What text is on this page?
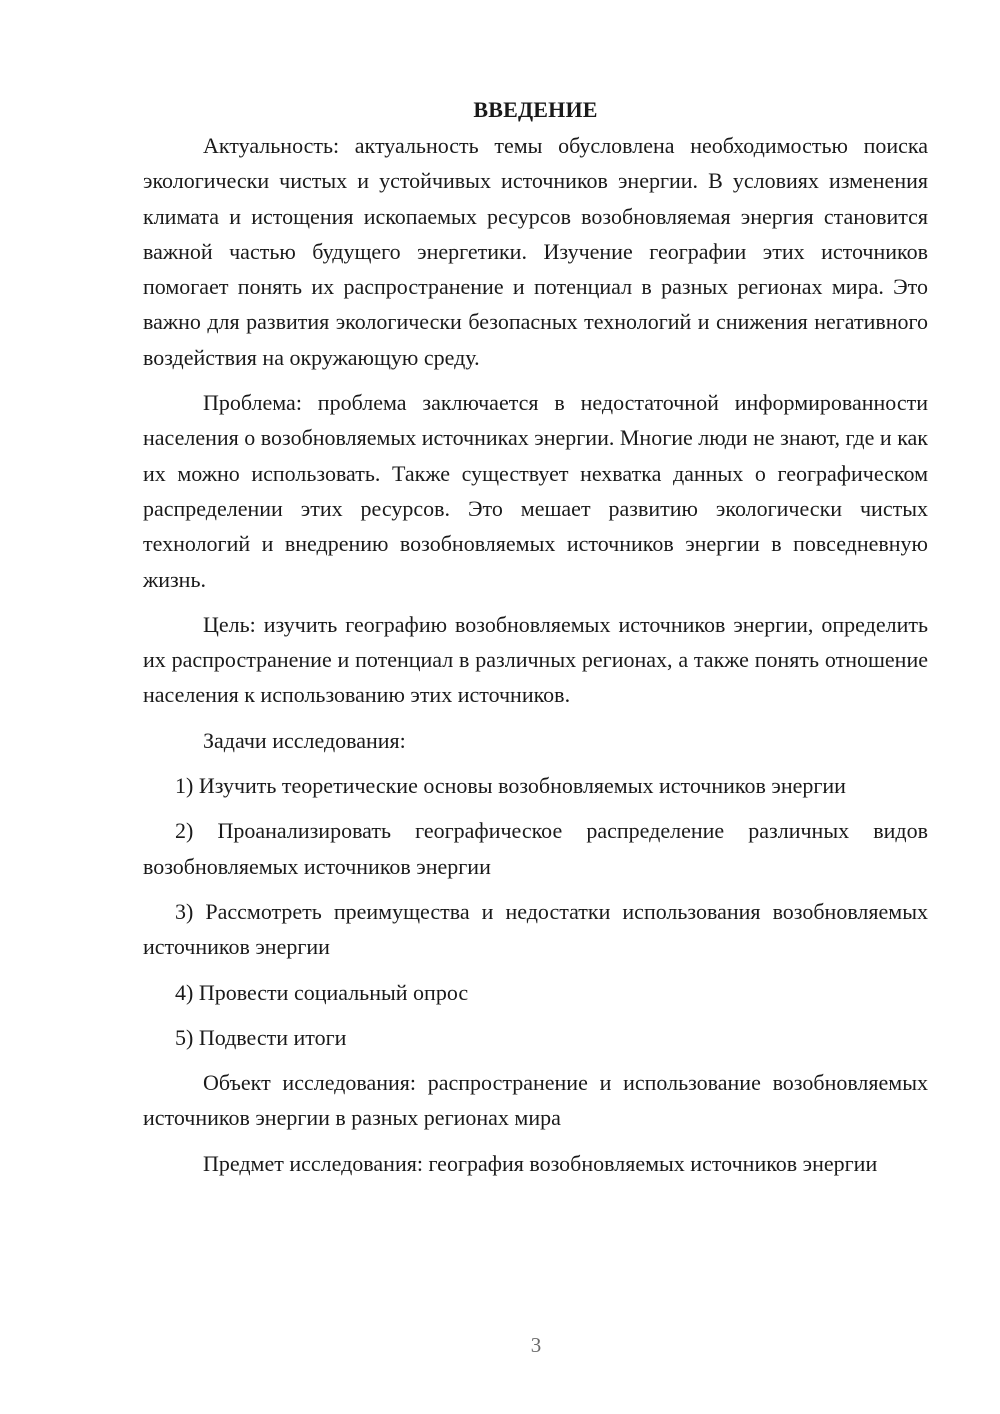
ВВЕДЕНИЕ

Актуальность: актуальность темы обусловлена необходимостью поиска экологически чистых и устойчивых источников энергии. В условиях изменения климата и истощения ископаемых ресурсов возобновляемая энергия становится важной частью будущего энергетики. Изучение географии этих источников помогает понять их распространение и потенциал в разных регионах мира. Это важно для развития экологически безопасных технологий и снижения негативного воздействия на окружающую среду.

Проблема: проблема заключается в недостаточной информированности населения о возобновляемых источниках энергии. Многие люди не знают, где и как их можно использовать. Также существует нехватка данных о географическом распределении этих ресурсов. Это мешает развитию экологически чистых технологий и внедрению возобновляемых источников энергии в повседневную жизнь.

Цель: изучить географию возобновляемых источников энергии, определить их распространение и потенциал в различных регионах, а также понять отношение населения к использованию этих источников.

Задачи исследования:

1) Изучить теоретические основы возобновляемых источников энергии

2) Проанализировать географическое распределение различных видов возобновляемых источников энергии

3) Рассмотреть преимущества и недостатки использования возобновляемых источников энергии

4) Провести социальный опрос

5) Подвести итоги

Объект исследования: распространение и использование возобновляемых источников энергии в разных регионах мира

Предмет исследования: география возобновляемых источников энергии

3
